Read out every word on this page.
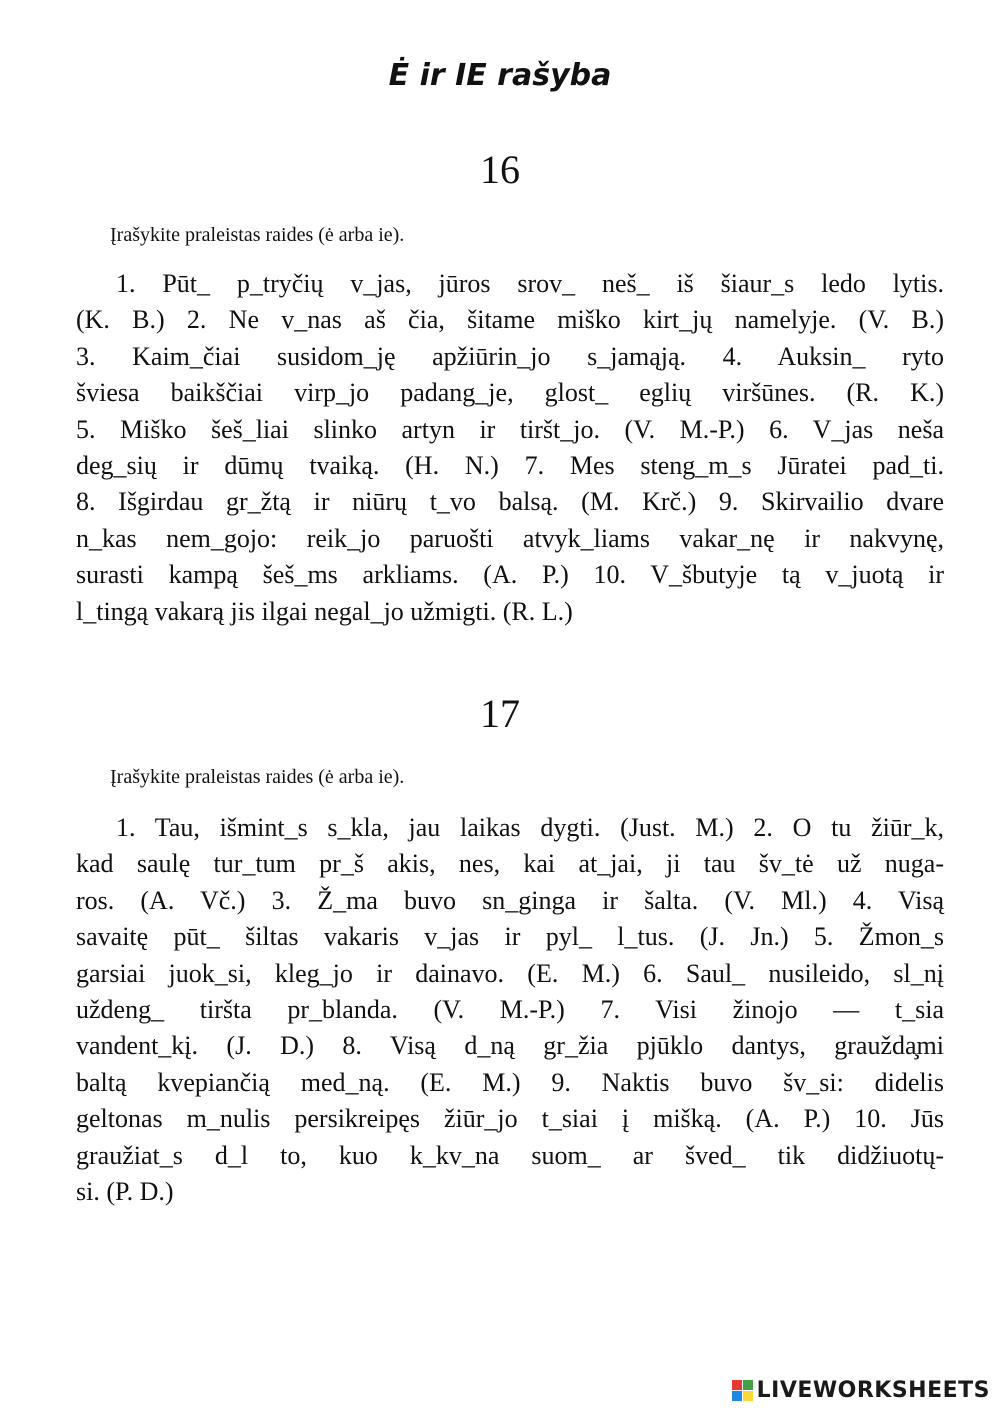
Ė ir IE rašyba
16
Įrašykite praleistas raides (ė arba ie).
1. Pūt_ p_tryčių v_jas, jūros srov_ neš_ iš šiaur_s ledo lytis.
(K. B.) 2. Ne v_nas aš čia, šitame miško kirt_jų namelyje. (V. B.)
3. Kaim_čiai susidom_ję apžiūrin_jo s_jamąją. 4. Auksin_ ryto
šviesa baikščiai virp_jo padang_je, glost_ eglių viršūnes. (R. K.)
5. Miško šeš_liai slinko artyn ir tiršt_jo. (V. M.-P.) 6. V_jas neša
deg_sių ir dūmų tvaiką. (H. N.) 7. Mes steng_m_s Jūratei pad_ti.
8. Išgirdau gr_žtą ir niūrų t_vo balsą. (M. Krč.) 9. Skirvailio dvare
n_kas nem_gojo: reik_jo paruošti atvyk_liams vakar_nę ir nakvynę,
surasti kampą šeš_ms arkliams. (A. P.) 10. V_šbutyje tą v_juotą ir
l_tingą vakarą jis ilgai negal_jo užmigti. (R. L.)
17
Įrašykite praleistas raides (ė arba ie).
1. Tau, išmint_s s_kla, jau laikas dygti. (Just. M.) 2. O tu žiūr_k,
kad saulę tur_tum pr_š akis, nes, kai at_jai, ji tau šv_tė už nuga-
ros. (A. Vč.) 3. Ž_ma buvo sn_ginga ir šalta. (V. Ml.) 4. Visą
savaitę pūt_ šiltas vakaris v_jas ir pyl_ l_tus. (J. Jn.) 5. Žmon_s
garsiai juok_si, kleg_jo ir dainavo. (E. M.) 6. Saul_ nusileido, sl_nį
uždeng_ tiršta pr_blanda. (V. M.-P.) 7. Visi žinojo — t_sia
vandent_kį. (J. D.) 8. Visą d_ną gr_žia pjūklo dantys, graužda̧mi
baltą kvepiančią med_ną. (E. M.) 9. Naktis buvo šv_si: didelis
geltonas m_nulis persikreipęs žiūr_jo t_siai į mišką. (A. P.) 10. Jūs
graužiat_s d_l to, kuo k_kv_na suom_ ar šved_ tik didžiuotų-
si. (P. D.)
LIVEWORKSHEETS
